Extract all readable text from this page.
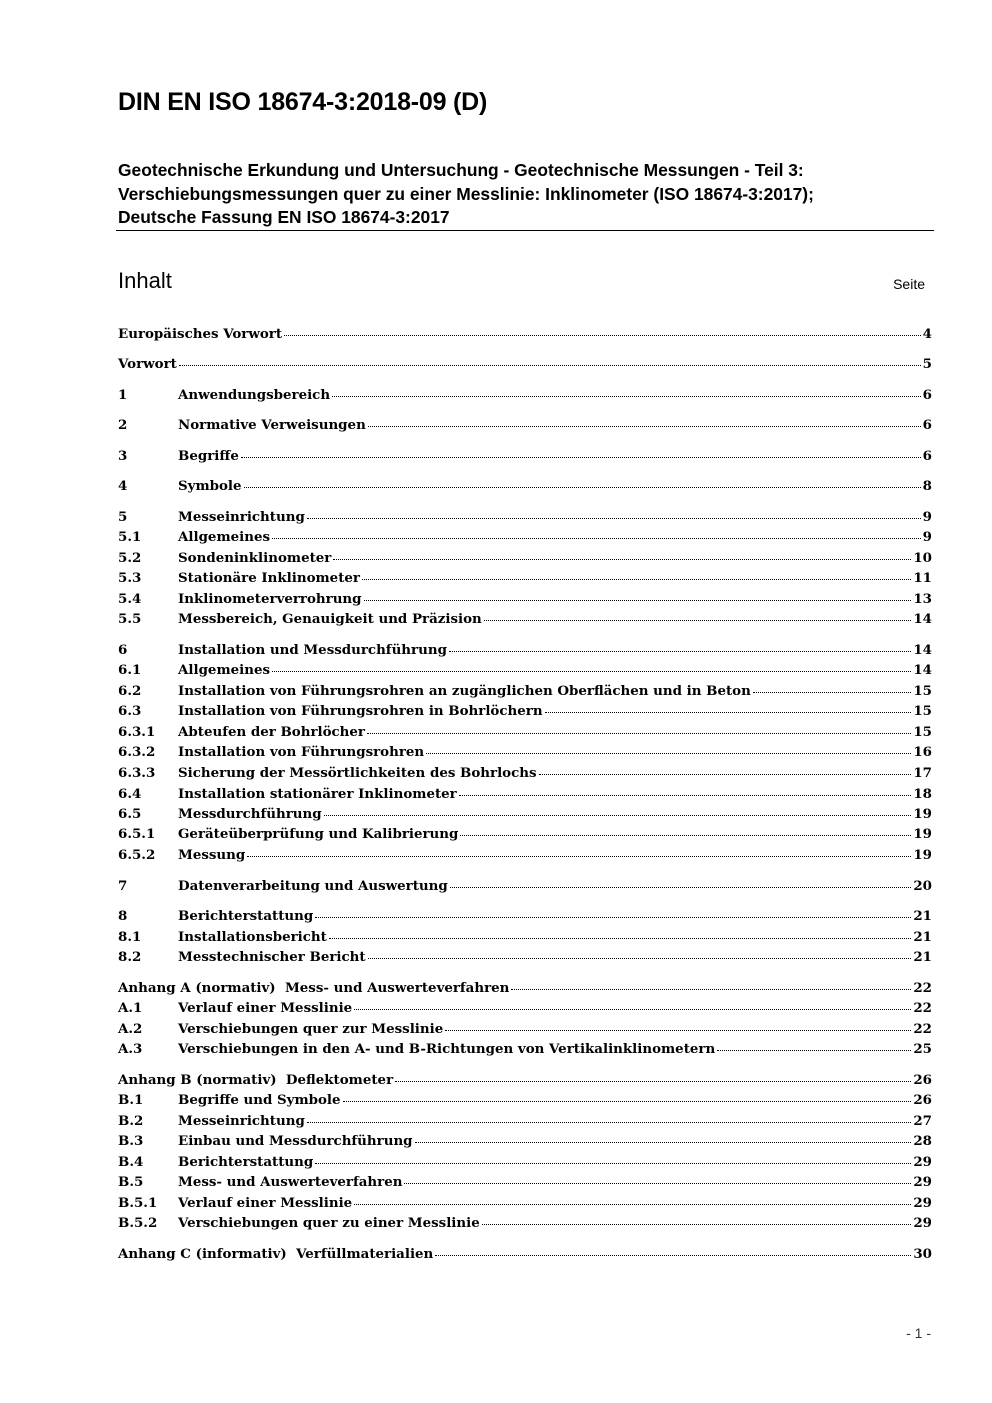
DIN EN ISO 18674-3:2018-09 (D)
Geotechnische Erkundung und Untersuchung - Geotechnische Messungen - Teil 3:
Verschiebungsmessungen quer zu einer Messlinie: Inklinometer (ISO 18674-3:2017);
Deutsche Fassung EN ISO 18674-3:2017
Inhalt	Seite
Europäisches Vorwort	4
Vorwort	5
1	Anwendungsbereich	6
2	Normative Verweisungen	6
3	Begriffe	6
4	Symbole	8
5	Messeinrichtung	9
5.1	Allgemeines	9
5.2	Sondeninklinometer	10
5.3	Stationäre Inklinometer	11
5.4	Inklinometerverrohrung	13
5.5	Messbereich, Genauigkeit und Präzision	14
6	Installation und Messdurchführung	14
6.1	Allgemeines	14
6.2	Installation von Führungsrohren an zugänglichen Oberflächen und in Beton	15
6.3	Installation von Führungsrohren in Bohrlöchern	15
6.3.1	Abteufen der Bohrlöcher	15
6.3.2	Installation von Führungsrohren	16
6.3.3	Sicherung der Messörtlichkeiten des Bohrlochs	17
6.4	Installation stationärer Inklinometer	18
6.5	Messdurchführung	19
6.5.1	Geräteüberprüfung und Kalibrierung	19
6.5.2	Messung	19
7	Datenverarbeitung und Auswertung	20
8	Berichterstattung	21
8.1	Installationsbericht	21
8.2	Messtechnischer Bericht	21
Anhang A (normativ)  Mess- und Auswerteverfahren	22
A.1	Verlauf einer Messlinie	22
A.2	Verschiebungen quer zur Messlinie	22
A.3	Verschiebungen in den A- und B-Richtungen von Vertikalinklinometern	25
Anhang B (normativ)  Deflektometer	26
B.1	Begriffe und Symbole	26
B.2	Messeinrichtung	27
B.3	Einbau und Messdurchführung	28
B.4	Berichterstattung	29
B.5	Mess- und Auswerteverfahren	29
B.5.1	Verlauf einer Messlinie	29
B.5.2	Verschiebungen quer zu einer Messlinie	29
Anhang C (informativ)  Verfüllmaterialien	30
- 1 -
